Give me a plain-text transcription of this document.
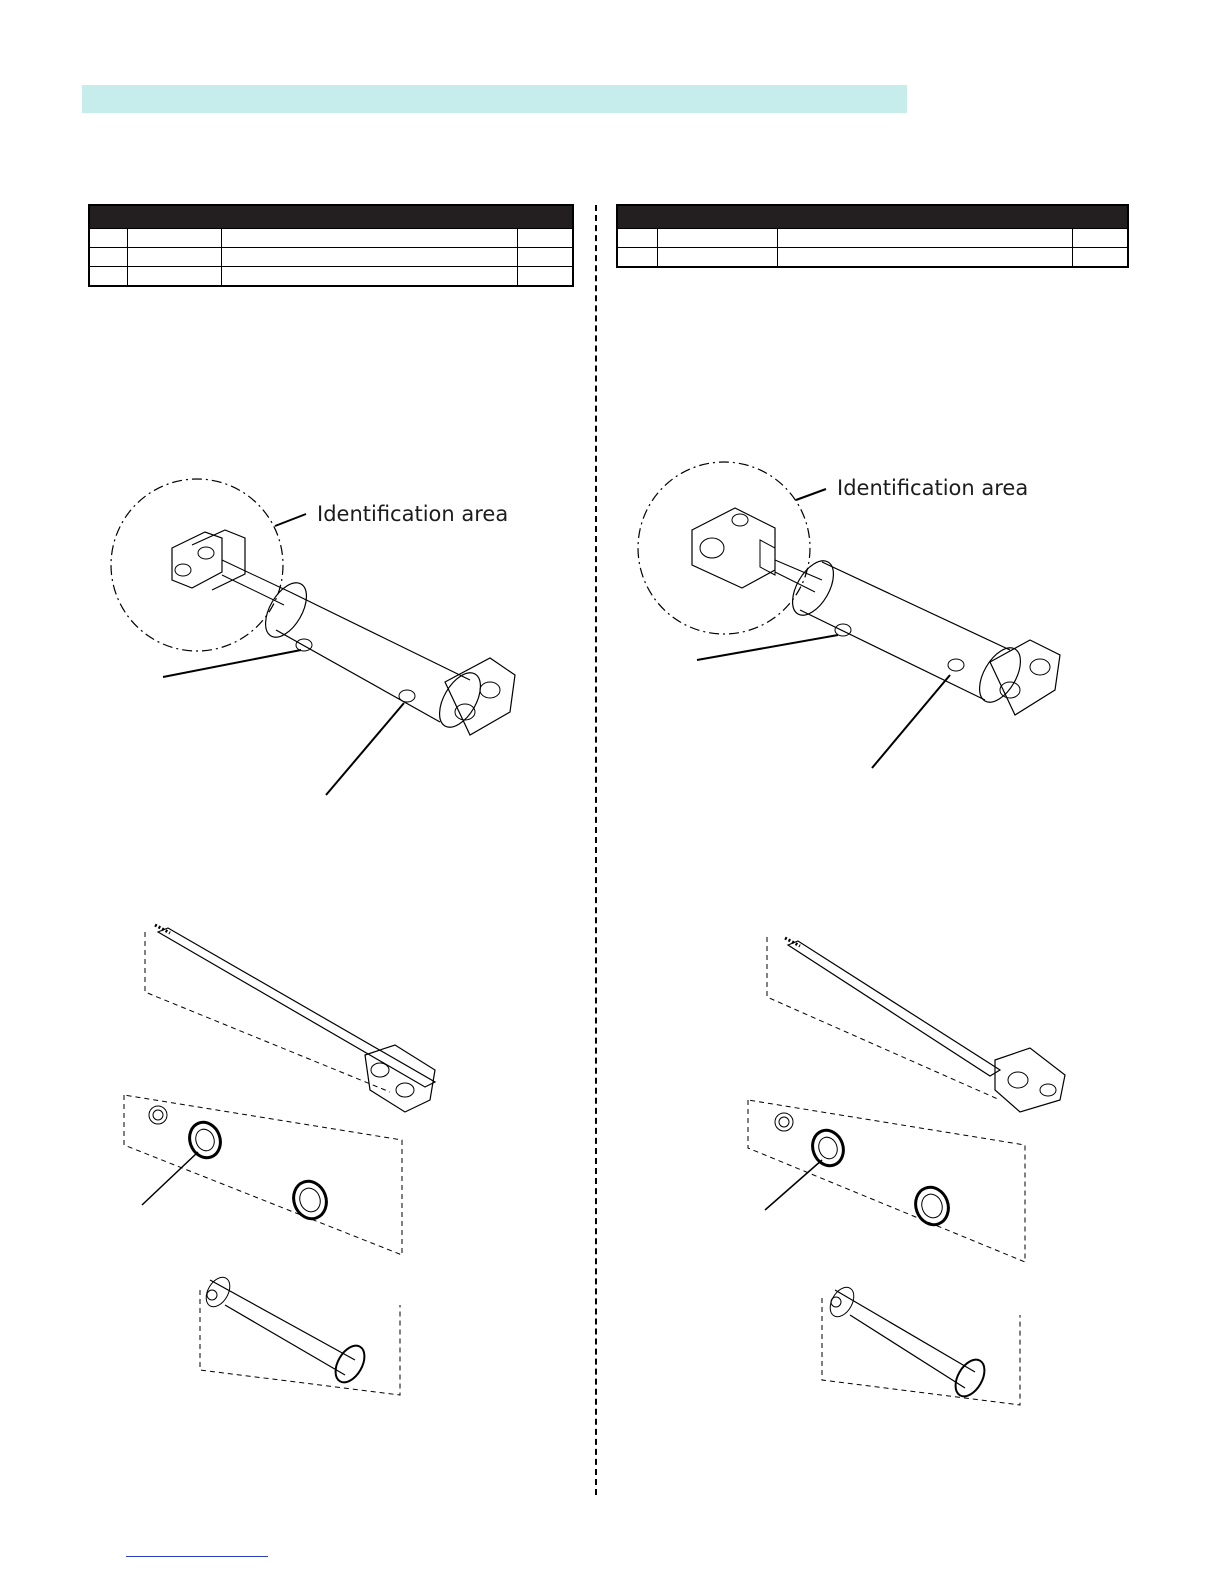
Identification area
Identification area
